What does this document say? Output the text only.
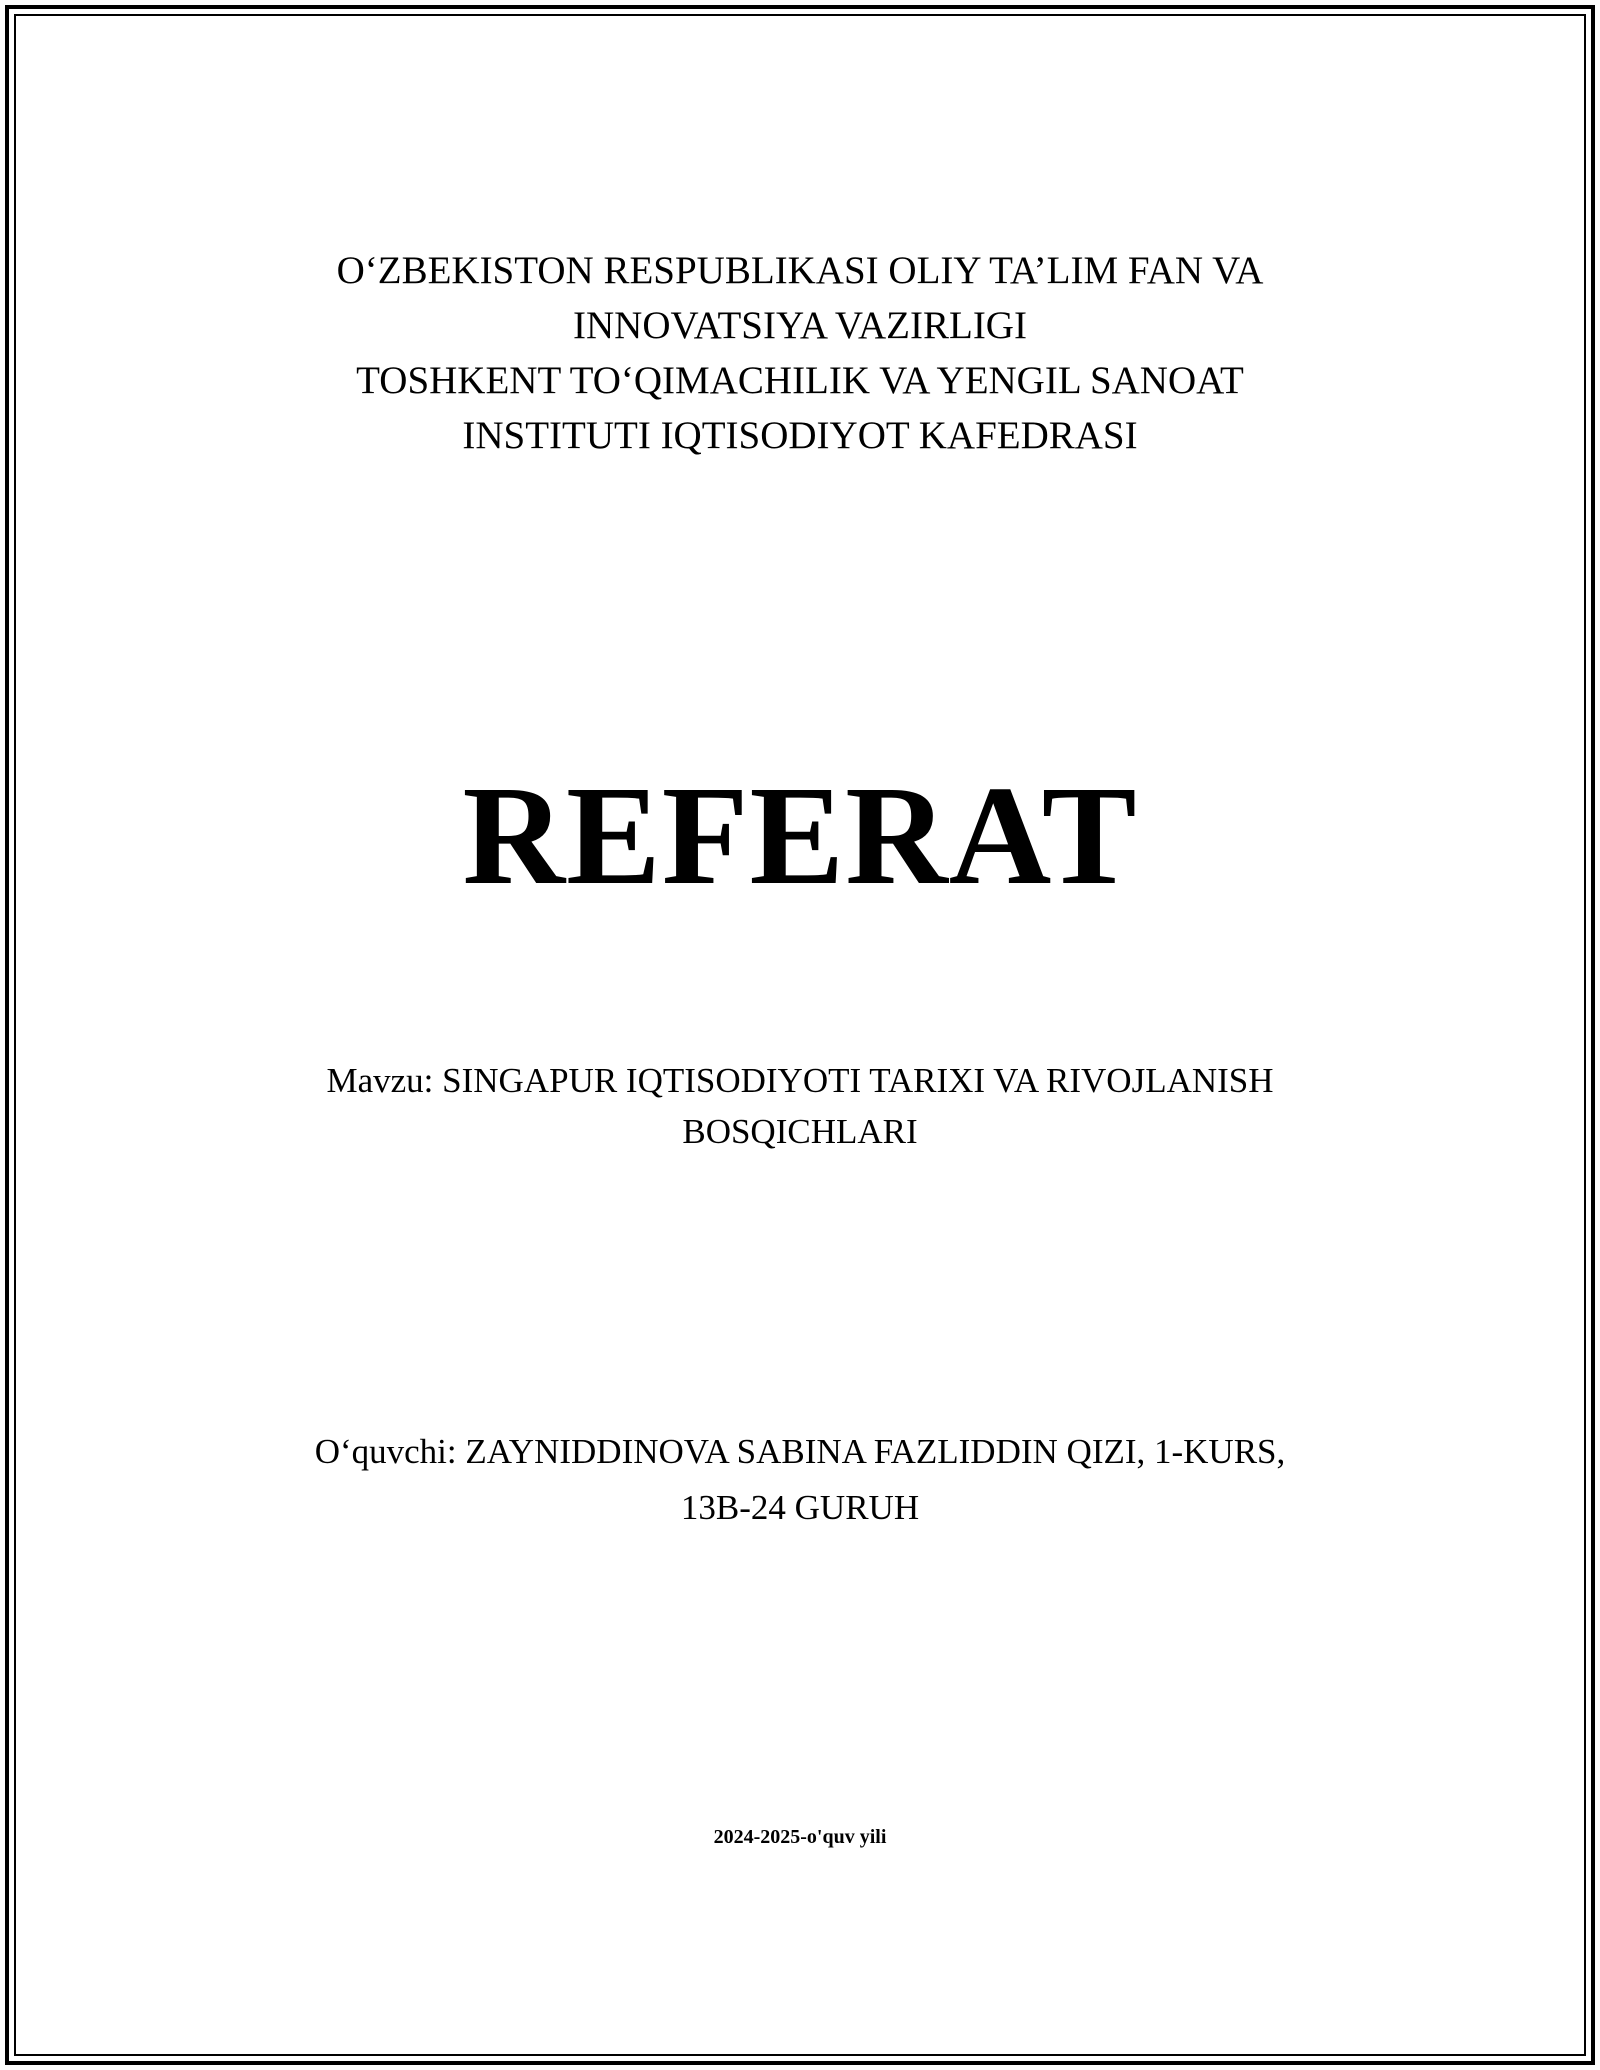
O‘ZBEKISTON RESPUBLIKASI OLIY TA’LIM FAN VA
INNOVATSIYA VAZIRLIGI
TOSHKENT TO‘QIMACHILIK VA YENGIL SANOAT
INSTITUTI IQTISODIYOT KAFEDRASI
REFERAT
Mavzu: SINGAPUR IQTISODIYOTI TARIXI VA RIVOJLANISH
BOSQICHLARI
O‘quvchi: ZAYNIDDINOVA SABINA FAZLIDDIN QIZI, 1-KURS,
13B-24 GURUH
2024-2025-o'quv yili
